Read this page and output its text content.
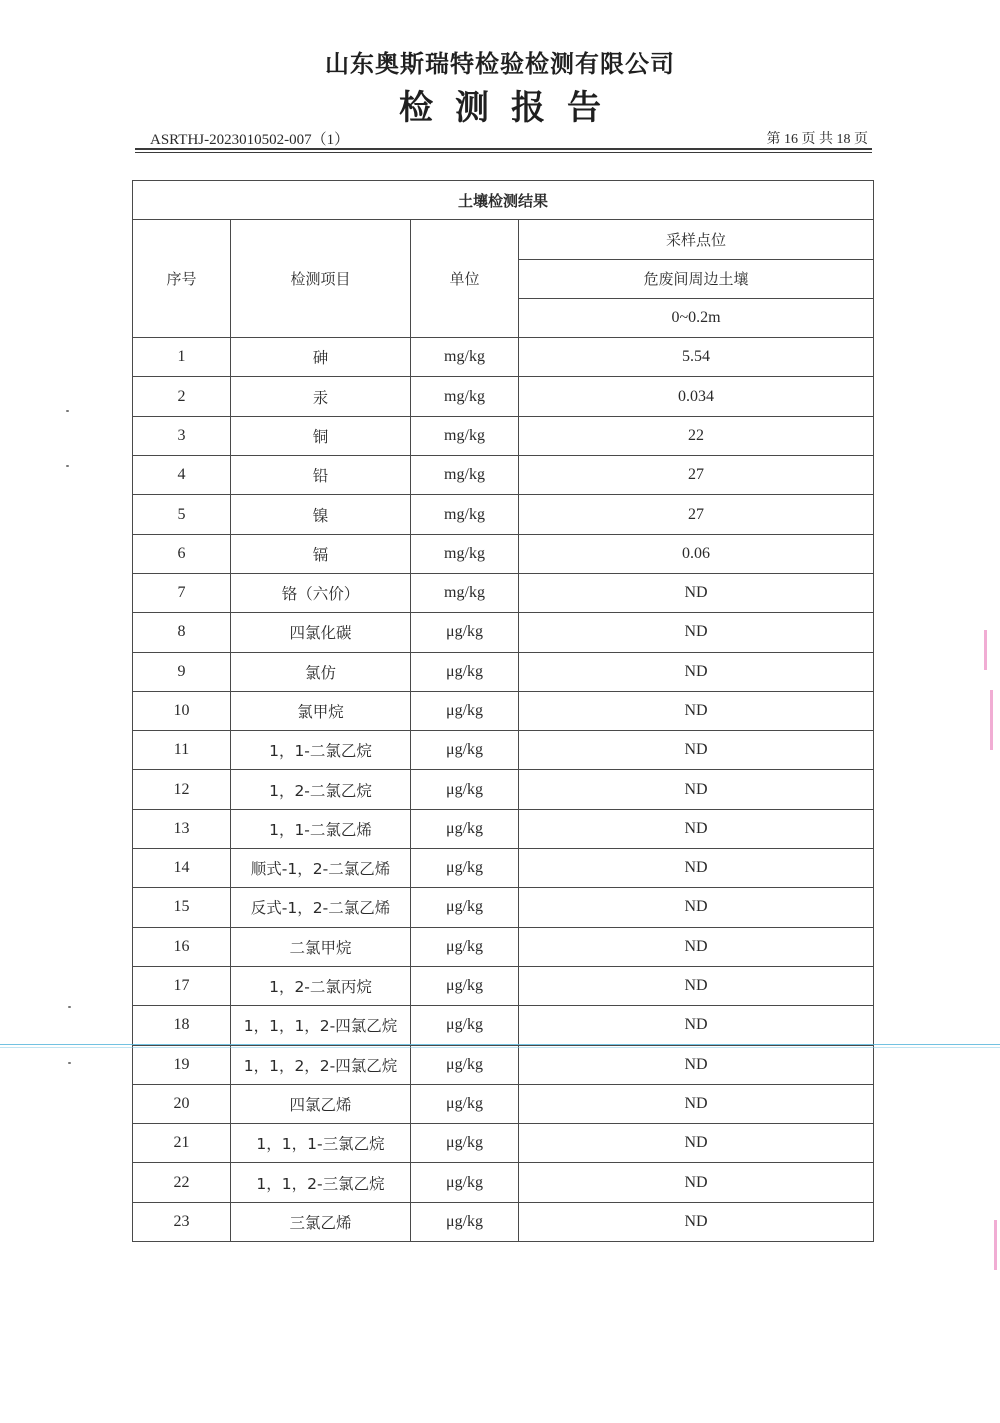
山东奥斯瑞特检验检测有限公司
检测报告
ASRTHJ-2023010502-007（1）	第 16 页 共 18 页
土壤检测结果			
序号	检测项目	单位	采样点位
			危废间周边土壤
			0~0.2m
1	砷	mg/kg	5.54
2	汞	mg/kg	0.034
3	铜	mg/kg	22
4	铅	mg/kg	27
5	镍	mg/kg	27
6	镉	mg/kg	0.06
7	铬（六价）	mg/kg	ND
8	四氯化碳	μg/kg	ND
9	氯仿	μg/kg	ND
10	氯甲烷	μg/kg	ND
11	1，1-二氯乙烷	μg/kg	ND
12	1，2-二氯乙烷	μg/kg	ND
13	1，1-二氯乙烯	μg/kg	ND
14	顺式-1，2-二氯乙烯	μg/kg	ND
15	反式-1，2-二氯乙烯	μg/kg	ND
16	二氯甲烷	μg/kg	ND
17	1，2-二氯丙烷	μg/kg	ND
18	1，1，1，2-四氯乙烷	μg/kg	ND
19	1，1，2，2-四氯乙烷	μg/kg	ND
20	四氯乙烯	μg/kg	ND
21	1，1，1-三氯乙烷	μg/kg	ND
22	1，1，2-三氯乙烷	μg/kg	ND
23	三氯乙烯	μg/kg	ND
